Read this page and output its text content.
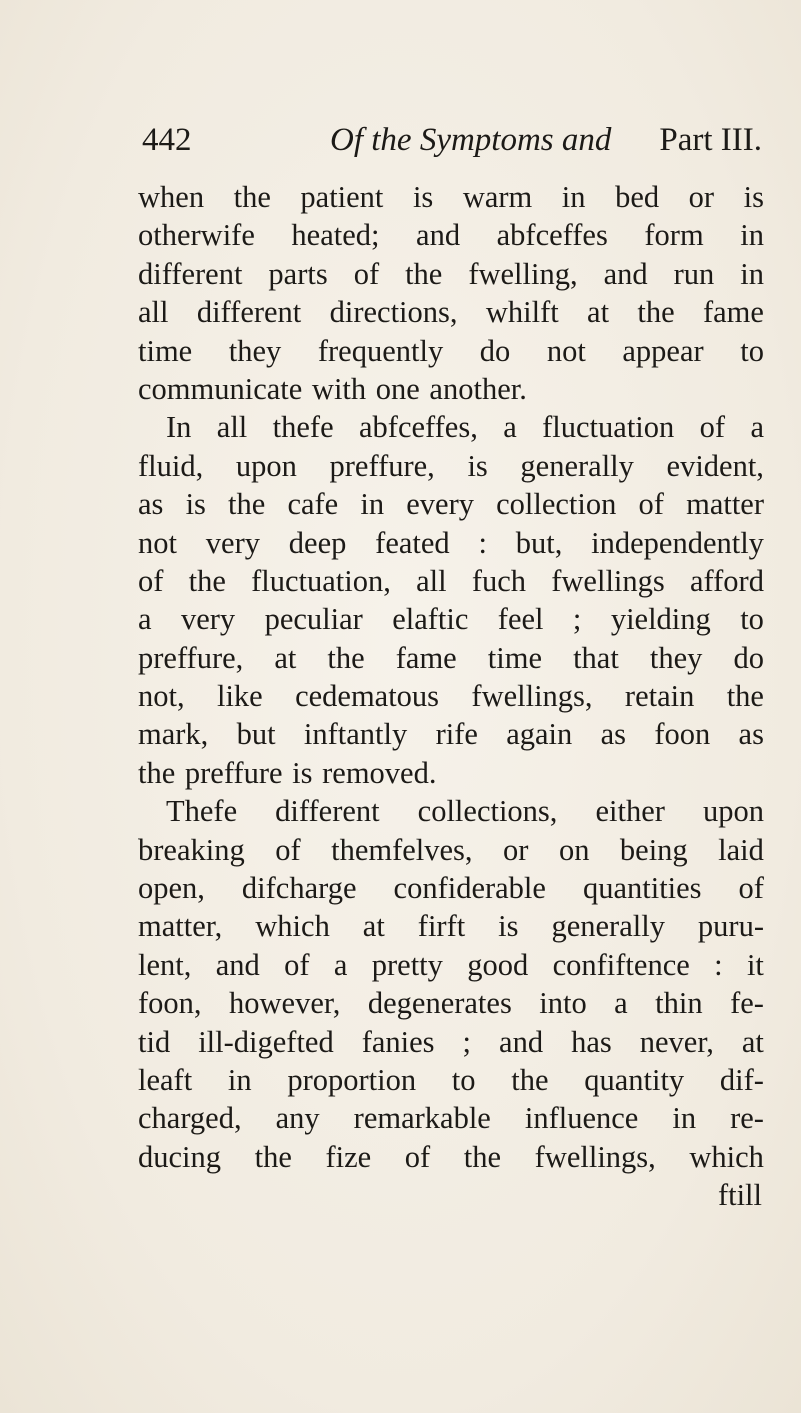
442	Of the Symptoms and Part III.
when the patient is warm in bed or is
otherwife heated; and abfceffes form in
different parts of the fwelling, and run in
all different directions, whilft at the fame
time they frequently do not appear to
communicate with one another.
In all thefe abfceffes, a fluctuation of a
fluid, upon preffure, is generally evident,
as is the cafe in every collection of matter
not very deep feated : but, independently
of the fluctuation, all fuch fwellings afford
a very peculiar elaftic feel ; yielding to
preffure, at the fame time that they do
not, like cedematous fwellings, retain the
mark, but inftantly rife again as foon as
the preffure is removed.
Thefe different collections, either upon
breaking of themfelves, or on being laid
open, difcharge confiderable quantities of
matter, which at firft is generally puru-
lent, and of a pretty good confiftence : it
foon, however, degenerates into a thin fe-
tid ill-digefted fanies ; and has never, at
leaft in proportion to the quantity dif-
charged, any remarkable influence in re-
ducing the fize of the fwellings, which
ftill
